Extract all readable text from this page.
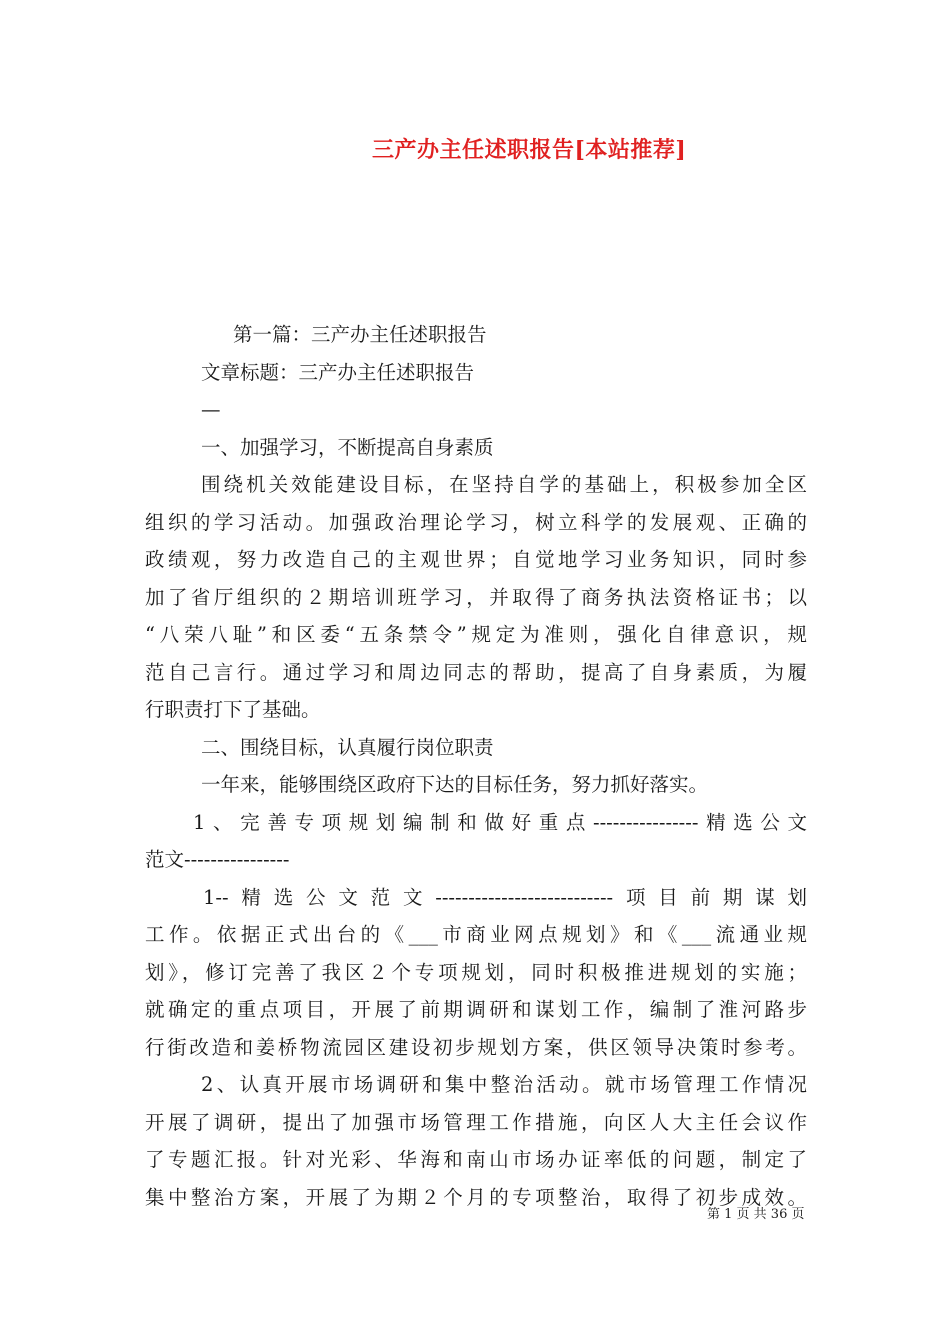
三产办主任述职报告[本站推荐]
第一篇：三产办主任述职报告
文章标题：三产办主任述职报告
—
一、加强学习，不断提高自身素质
围绕机关效能建设目标，在坚持自学的基础上，积极参加全区
组织的学习活动。加强政治理论学习，树立科学的发展观、正确的
政绩观，努力改造自己的主观世界；自觉地学习业务知识，同时参
加了省厅组织的２期培训班学习，并取得了商务执法资格证书；以
“八荣八耻”和区委“五条禁令”规定为准则，强化自律意识，规
范自己言行。通过学习和周边同志的帮助，提高了自身素质，为履
行职责打下了基础。
二、围绕目标，认真履行岗位职责
一年来，能够围绕区政府下达的目标任务，努力抓好落实。
1、完善专项规划编制和做好重点----------------精选公文
范文----------------
1--精选公文范文---------------------------项目前期谋划
工作。依据正式出台的《___市商业网点规划》和《___流通业规
划》，修订完善了我区２个专项规划，同时积极推进规划的实施；
就确定的重点项目，开展了前期调研和谋划工作，编制了淮河路步
行街改造和姜桥物流园区建设初步规划方案，供区领导决策时参考。
2、认真开展市场调研和集中整治活动。就市场管理工作情况
开展了调研，提出了加强市场管理工作措施，向区人大主任会议作
了专题汇报。针对光彩、华海和南山市场办证率低的问题，制定了
集中整治方案，开展了为期２个月的专项整治，取得了初步成效。
第 1 页 共 36 页
